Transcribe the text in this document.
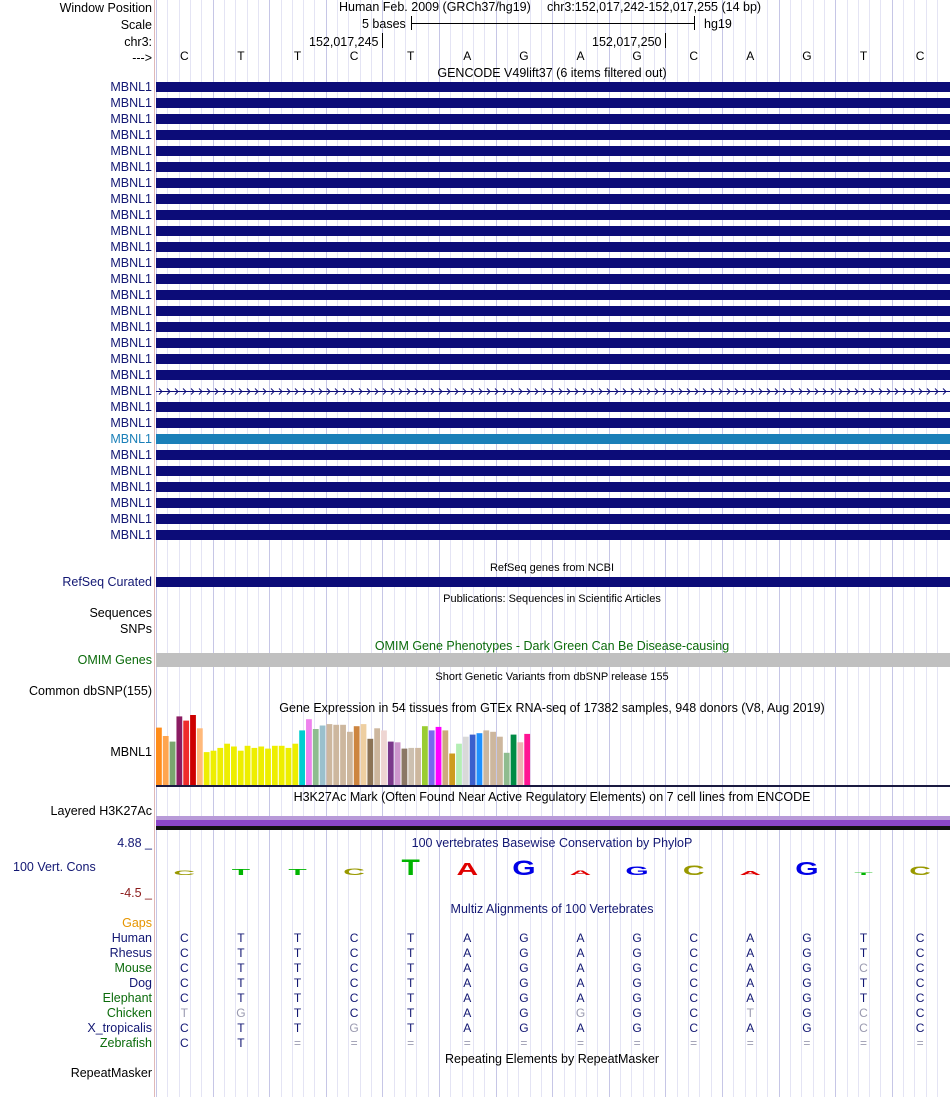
Window Position	Human Feb. 2009 (GRCh37/hg19) chr3:152,017,242-152,017,255 (14 bp)
Scale	5 bases	hg19
chr3:	152,017,245	152,017,250
---> C	T	T	C	T	A	G	A	G	C	A	G	T	C
GENCODE V49lift37 (6 items filtered out)
MBNL1
MBNL1
MBNL1
MBNL1
MBNL1
MBNL1
MBNL1
MBNL1
MBNL1
MBNL1
MBNL1
MBNL1
MBNL1
MBNL1
MBNL1
MBNL1
MBNL1
MBNL1
MBNL1
MBNL1
MBNL1
MBNL1
MBNL1
MBNL1
MBNL1
MBNL1
MBNL1
MBNL1
MBNL1
RefSeq genes from NCBI
RefSeq Curated
Publications: Sequences in Scientific Articles
Sequences
SNPs
OMIM Gene Phenotypes - Dark Green Can Be Disease-causing
OMIM Genes
Short Genetic Variants from dbSNP release 155
Common dbSNP(155)
Gene Expression in 54 tissues from GTEx RNA-seq of 17382 samples, 948 donors (V8, Aug 2019)
MBNL1
H3K27Ac Mark (Often Found Near Active Regulatory Elements) on 7 cell lines from ENCODE
Layered H3K27Ac
4.88 _	100 vertebrates Basewise Conservation by PhyloP
100 Vert. Cons
-4.5 _
C T T C T A G A G C A G T C
Multiz Alignments of 100 Vertebrates
Gaps
Human C	T	T	C	T	A	G	A	G	C	A	G	T	C
Rhesus C	T	T	C	T	A	G	A	G	C	A	G	T	C
Mouse C	T	T	C	T	A	G	A	G	C	A	G	C	C
Dog C	T	T	C	T	A	G	A	G	C	A	G	T	C
Elephant C	T	T	C	T	A	G	A	G	C	A	G	T	C
Chicken T	G	T	C	T	A	G	G	G	C	T	G	C	C
X_tropicalis C	T	T	G	T	A	G	A	G	C	A	G	C	C
Zebrafish C	T	=	=	=	=	=	=	=	=	=	=	=	=
Repeating Elements by RepeatMasker
RepeatMasker
